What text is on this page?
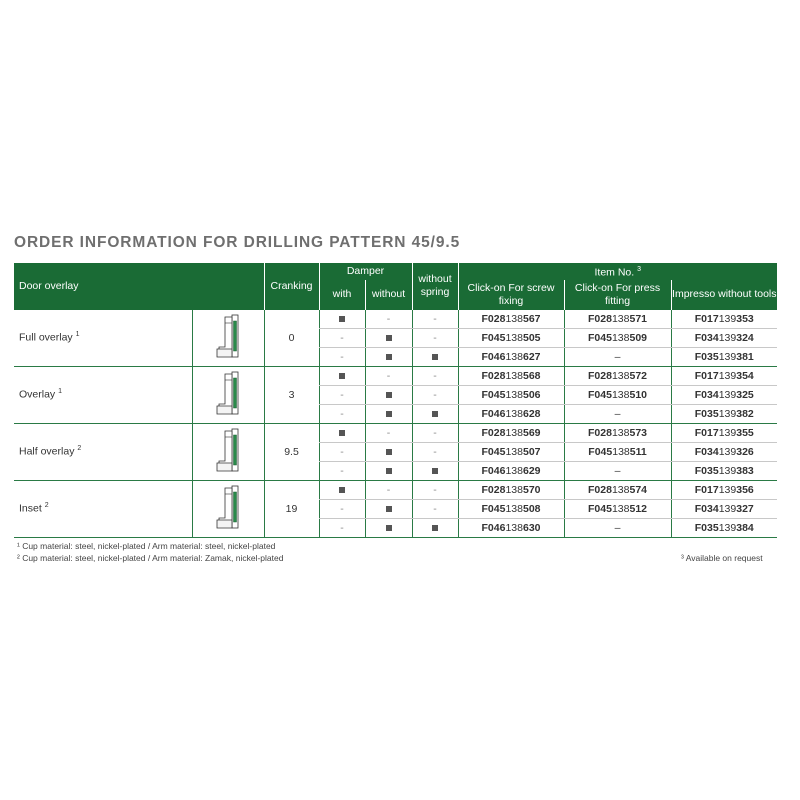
ORDER INFORMATION FOR DRILLING PATTERN 45/9.5
Door overlay		Cranking	Damper		without spring	Item No. $^3$
			with	without		Click-on For screw fixing	Click-on For press fitting	Impresso without tools
Full overlay $^1$		0		-	-	F028138567	F028138571	F017139353
			-		-	F045138505	F045138509	F034139324
			-			F046138627	–	F035139381
Overlay $^1$		3		-	-	F028138568	F028138572	F017139354
			-		-	F045138506	F045138510	F034139325
			-			F046138628	–	F035139382
Half overlay $^2$		9.5		-	-	F028138569	F028138573	F017139355
			-		-	F045138507	F045138511	F034139326
			-			F046138629	–	F035139383
Inset $^2$		19		-	-	F028138570	F028138574	F017139356
			-		-	F045138508	F045138512	F034139327
			-			F046138630	–	F035139384
¹ Cup material: steel, nickel-plated / Arm material: steel, nickel-plated
² Cup material: steel, nickel-plated / Arm material: Zamak, nickel-plated	³ Available on request
